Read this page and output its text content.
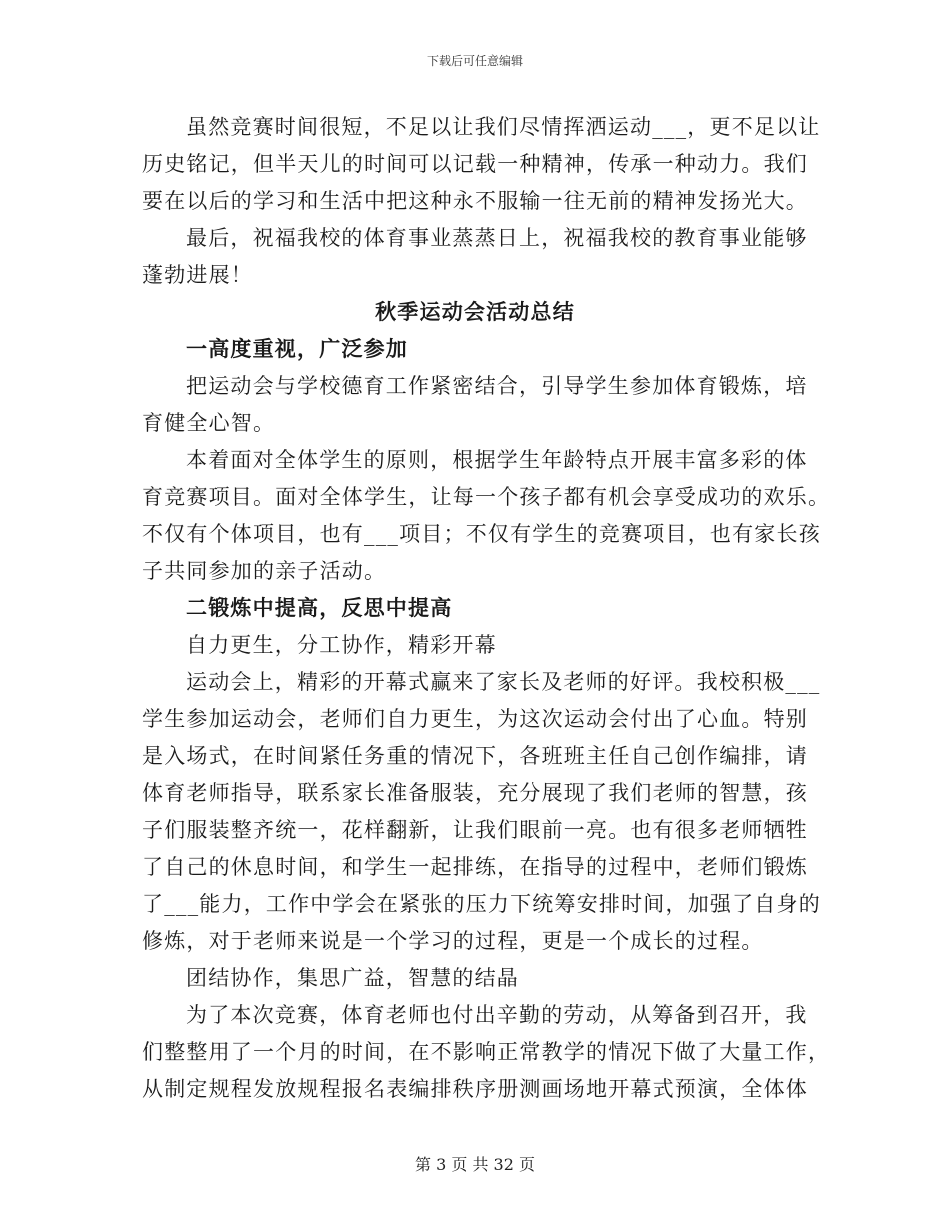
下载后可任意编辑
虽然竞赛时间很短，不足以让我们尽情挥洒运动___，更不足以让
历史铭记，但半天儿的时间可以记载一种精神，传承一种动力。我们
要在以后的学习和生活中把这种永不服输一往无前的精神发扬光大。
最后，祝福我校的体育事业蒸蒸日上，祝福我校的教育事业能够
蓬勃进展！
秋季运动会活动总结
一高度重视，广泛参加
把运动会与学校德育工作紧密结合，引导学生参加体育锻炼，培
育健全心智。
本着面对全体学生的原则，根据学生年龄特点开展丰富多彩的体
育竞赛项目。面对全体学生，让每一个孩子都有机会享受成功的欢乐。
不仅有个体项目，也有___项目；不仅有学生的竞赛项目，也有家长孩
子共同参加的亲子活动。
二锻炼中提高，反思中提高
自力更生，分工协作，精彩开幕
运动会上，精彩的开幕式赢来了家长及老师的好评。我校积极___
学生参加运动会，老师们自力更生，为这次运动会付出了心血。特别
是入场式，在时间紧任务重的情况下，各班班主任自己创作编排，请
体育老师指导，联系家长准备服装，充分展现了我们老师的智慧，孩
子们服装整齐统一，花样翻新，让我们眼前一亮。也有很多老师牺牲
了自己的休息时间，和学生一起排练，在指导的过程中，老师们锻炼
了___能力，工作中学会在紧张的压力下统筹安排时间，加强了自身的
修炼，对于老师来说是一个学习的过程，更是一个成长的过程。
团结协作，集思广益，智慧的结晶
为了本次竞赛，体育老师也付出辛勤的劳动，从筹备到召开，我
们整整用了一个月的时间，在不影响正常教学的情况下做了大量工作，
从制定规程发放规程报名表编排秩序册测画场地开幕式预演，全体体
第 3 页 共 32 页
